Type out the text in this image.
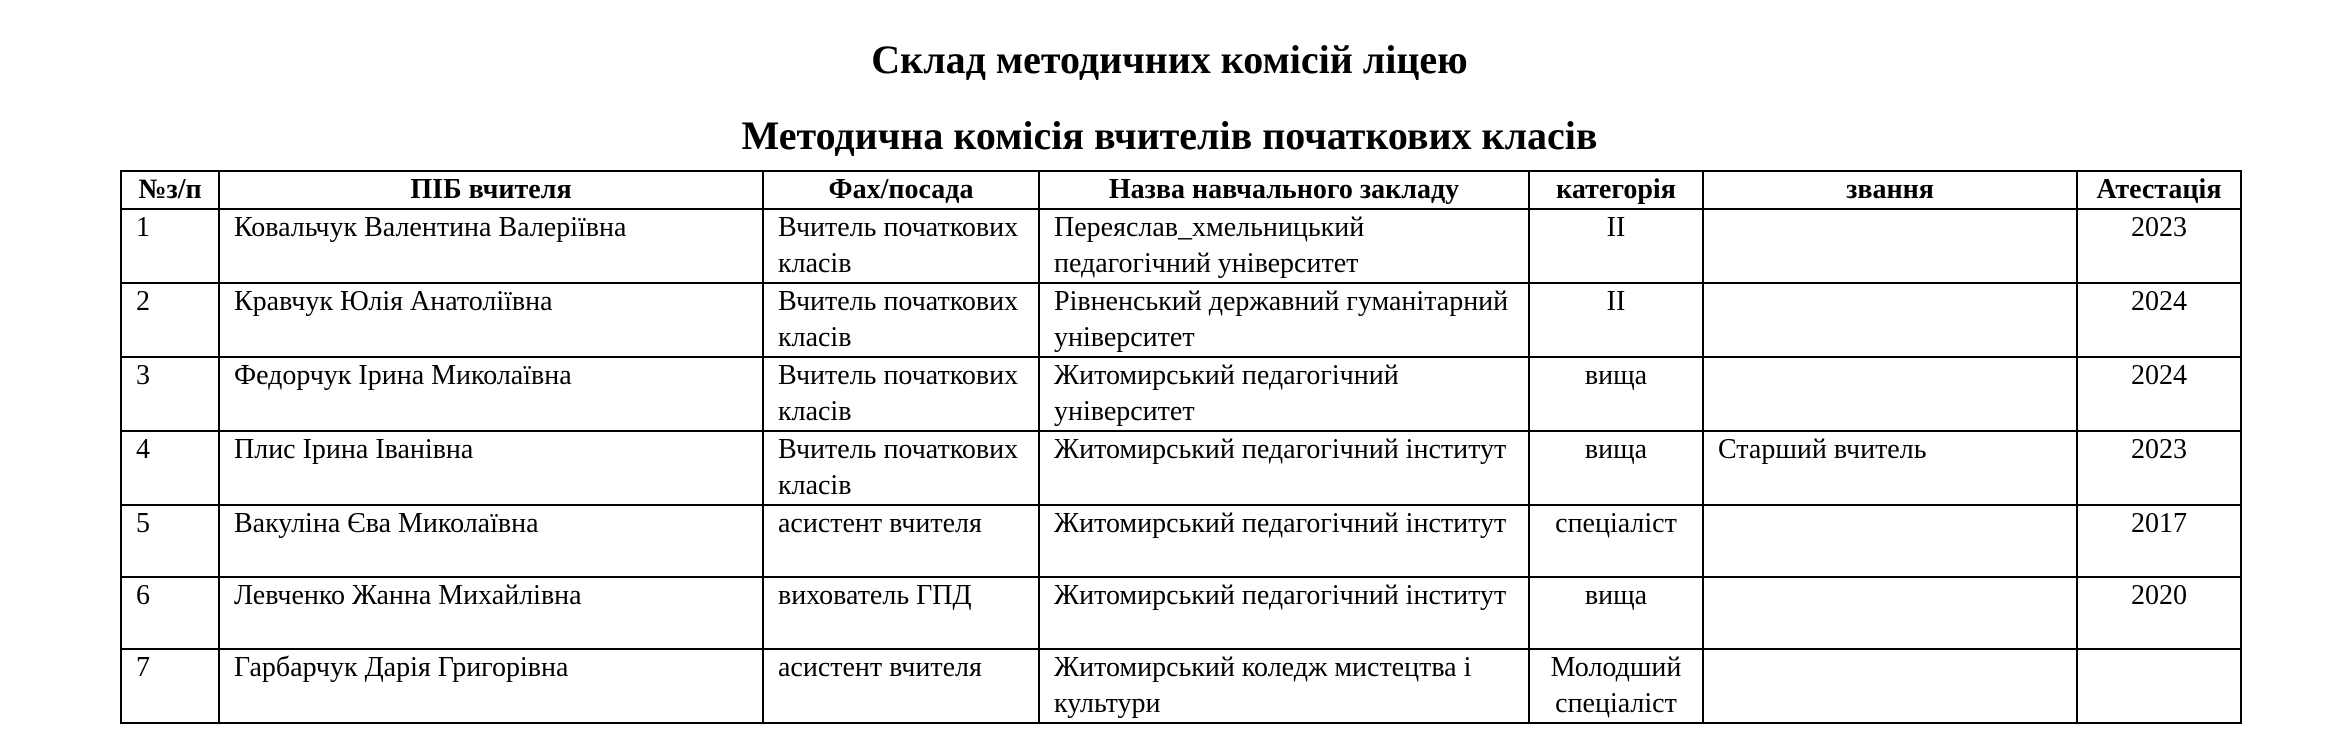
Склад методичних комісій ліцею
Методична комісія вчителів початкових класів
№з/п	ПІБ вчителя	Фах/посада	Назва навчального закладу	категорія	звання	Атестація
1	Ковальчук Валентина Валеріївна	Вчитель початкових класів	Переяслав_хмельницький педагогічний університет	II		2023
2	Кравчук Юлія Анатоліївна	Вчитель початкових класів	Рівненський державний гуманітарний університет	II		2024
3	Федорчук Ірина Миколаївна	Вчитель початкових класів	Житомирський педагогічний університет	вища		2024
4	Плис Ірина Іванівна	Вчитель початкових класів	Житомирський педагогічний інститут	вища	Старший вчитель	2023
5	Вакуліна Єва Миколаївна	асистент вчителя	Житомирський педагогічний інститут	спеціаліст		2017
6	Левченко Жанна Михайлівна	вихователь ГПД	Житомирський педагогічний інститут	вища		2020
7	Гарбарчук Дарія Григорівна	асистент вчителя	Житомирський коледж мистецтва і культури	Молодший спеціаліст		
